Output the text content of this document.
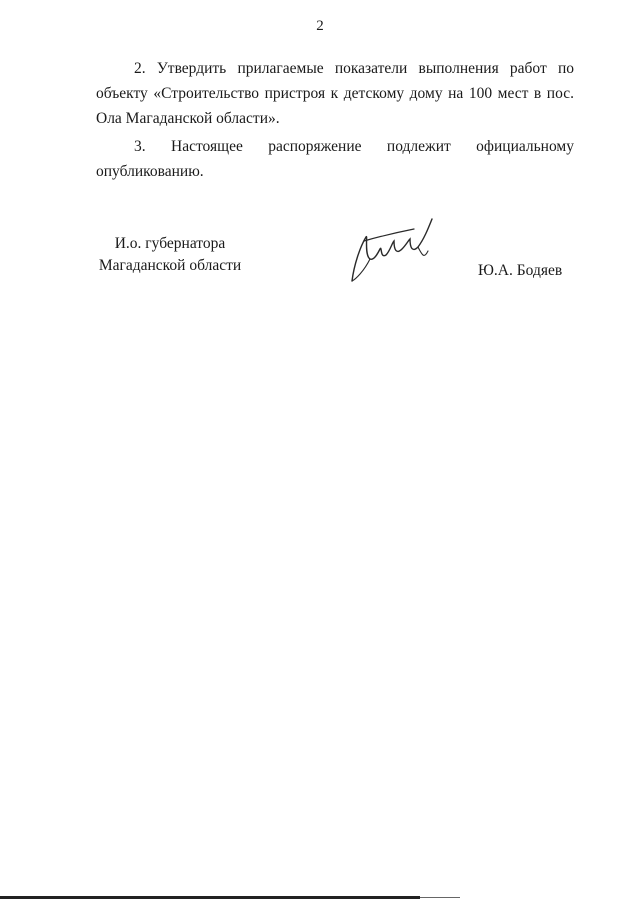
2

2. Утвердить прилагаемые показатели выполнения работ по объекту «Строительство пристроя к детскому дому на 100 мест в пос. Ола Магаданской области».

3. Настоящее распоряжение подлежит официальному

опубликованию.

И.о. губернатора
Магаданской области	Ю.А. Бодяев
